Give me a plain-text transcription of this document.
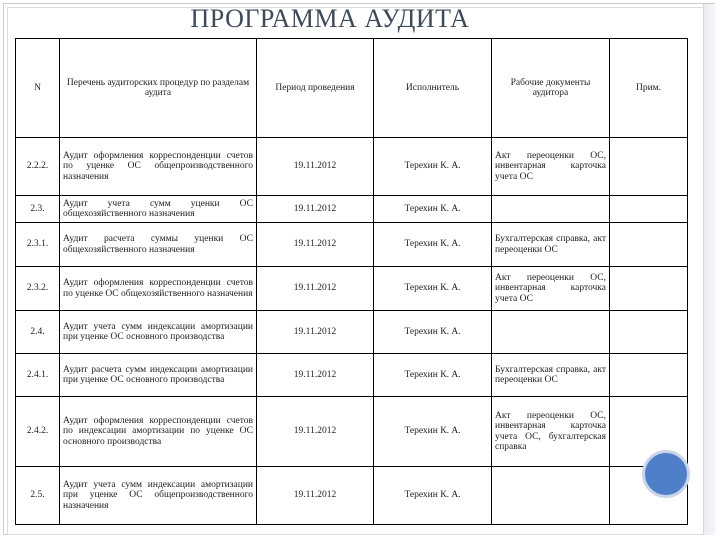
ПРОГРАММА АУДИТА
N	Перечень аудиторских процедур по разделам аудита	Период проведения	Исполнитель	Рабочие документы аудитора	Прим.
2.2.2.	Аудит оформления корреспонденции счетов по уценке ОС общепроизводственного назначения	19.11.2012	Терехин К. А.	Акт переоценки ОС, инвентарная карточка учета ОС	
2.3.	Аудит учета сумм уценки ОС общехозяйственного назначения	19.11.2012	Терехин К. А.		
2.3.1.	Аудит расчета суммы уценки ОС общехозяйственного назначения	19.11.2012	Терехин К. А.	Бухгалтерская справка, акт переоценки ОС	
2.3.2.	Аудит оформления корреспонденции счетов по уценке ОС общехозяйственного назначения	19.11.2012	Терехин К. А.	Акт переоценки ОС, инвентарная карточка учета ОС	
2.4.	Аудит учета сумм индексации амортизации при уценке ОС основного производства	19.11.2012	Терехин К. А.		
2.4.1.	Аудит расчета сумм индексации амортизации при уценке ОС основного производства	19.11.2012	Терехин К. А.	Бухгалтерская справка, акт переоценки ОС	
2.4.2.	Аудит оформления корреспонденции счетов по индексации амортизации по уценке ОС основного производства	19.11.2012	Терехин К. А.	Акт переоценки ОС, инвентарная карточка учета ОС, бухгалтерская справка	
2.5.	Аудит учета сумм индексации амортизации при уценке ОС общепроизводственного назначения	19.11.2012	Терехин К. А.		
